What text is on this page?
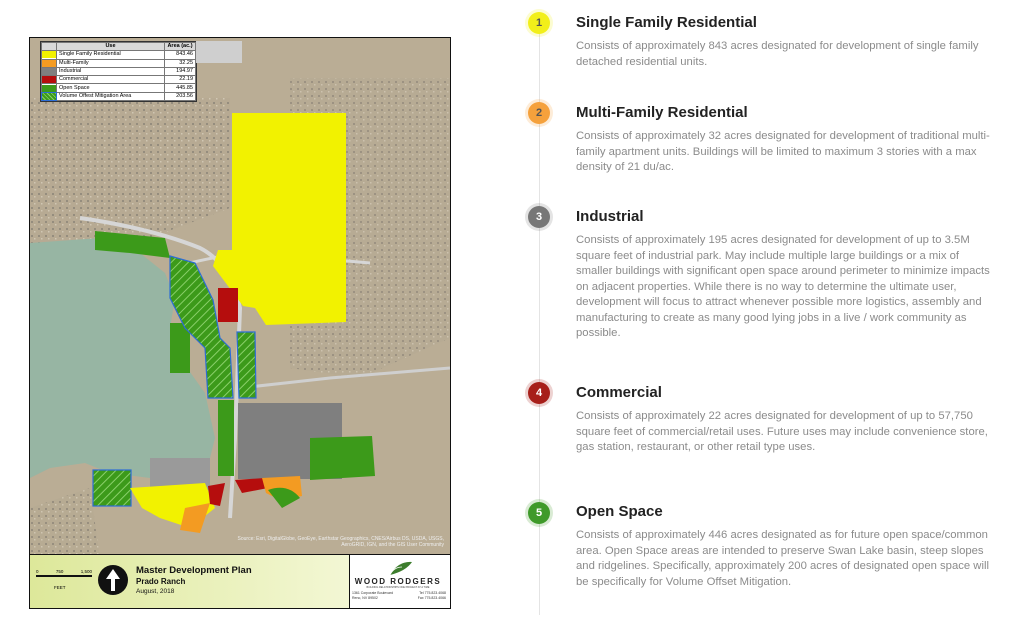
	Use	Area (ac.)

	Single Family Residential	843.46

	Multi-Family	32.25

	Industrial	194.97

	Commercial	22.19

	Open Space	445.85

	Volume Offest Mitigation Area	203.56
Source: Esri, DigitalGlobe, GeoEye, Earthstar Geographics, CNES/Airbus DS, USDA, USGS, AeroGRID, IGN, and the GIS User Community
0	750	1,500
FEET
Master Development Plan
Prado Ranch
August, 2018
WOOD RODGERS
BUILDING RELATIONSHIPS ONE PROJECT AT A TIME
1361 Corporate Boulevard
Reno, NV 89502
Tel 775.823.4068
Fax 775.823.4066
1 Single Family Residential
Consists of approximately 843 acres designated for development of single family detached residential units.
2 Multi-Family Residential
Consists of approximately 32 acres designated for development of traditional multi-family apartment units. Buildings will be limited to maximum 3 stories with a max density of 21 du/ac.
3 Industrial
Consists of approximately 195 acres designated for development of up to 3.5M square feet of industrial park. May include multiple large buildings or a mix of smaller buildings with significant open space around perimeter to minimize impacts on adjacent properties. While there is no way to determine the ultimate user, development will focus to attract whenever possible more logistics, assembly and manufacturing to create as many good lying jobs in a live / work community as possible.
4 Commercial
Consists of approximately 22 acres designated for development of up to 57,750 square feet of commercial/retail uses. Future uses may include convenience store, gas station, restaurant, or other retail type uses.
5 Open Space
Consists of approximately 446 acres designated as for future open space/common area. Open Space areas are intended to preserve Swan Lake basin, steep slopes and ridgelines. Specifically, approximately 200 acres of designated open space will be specifically for Volume Offset Mitigation.
